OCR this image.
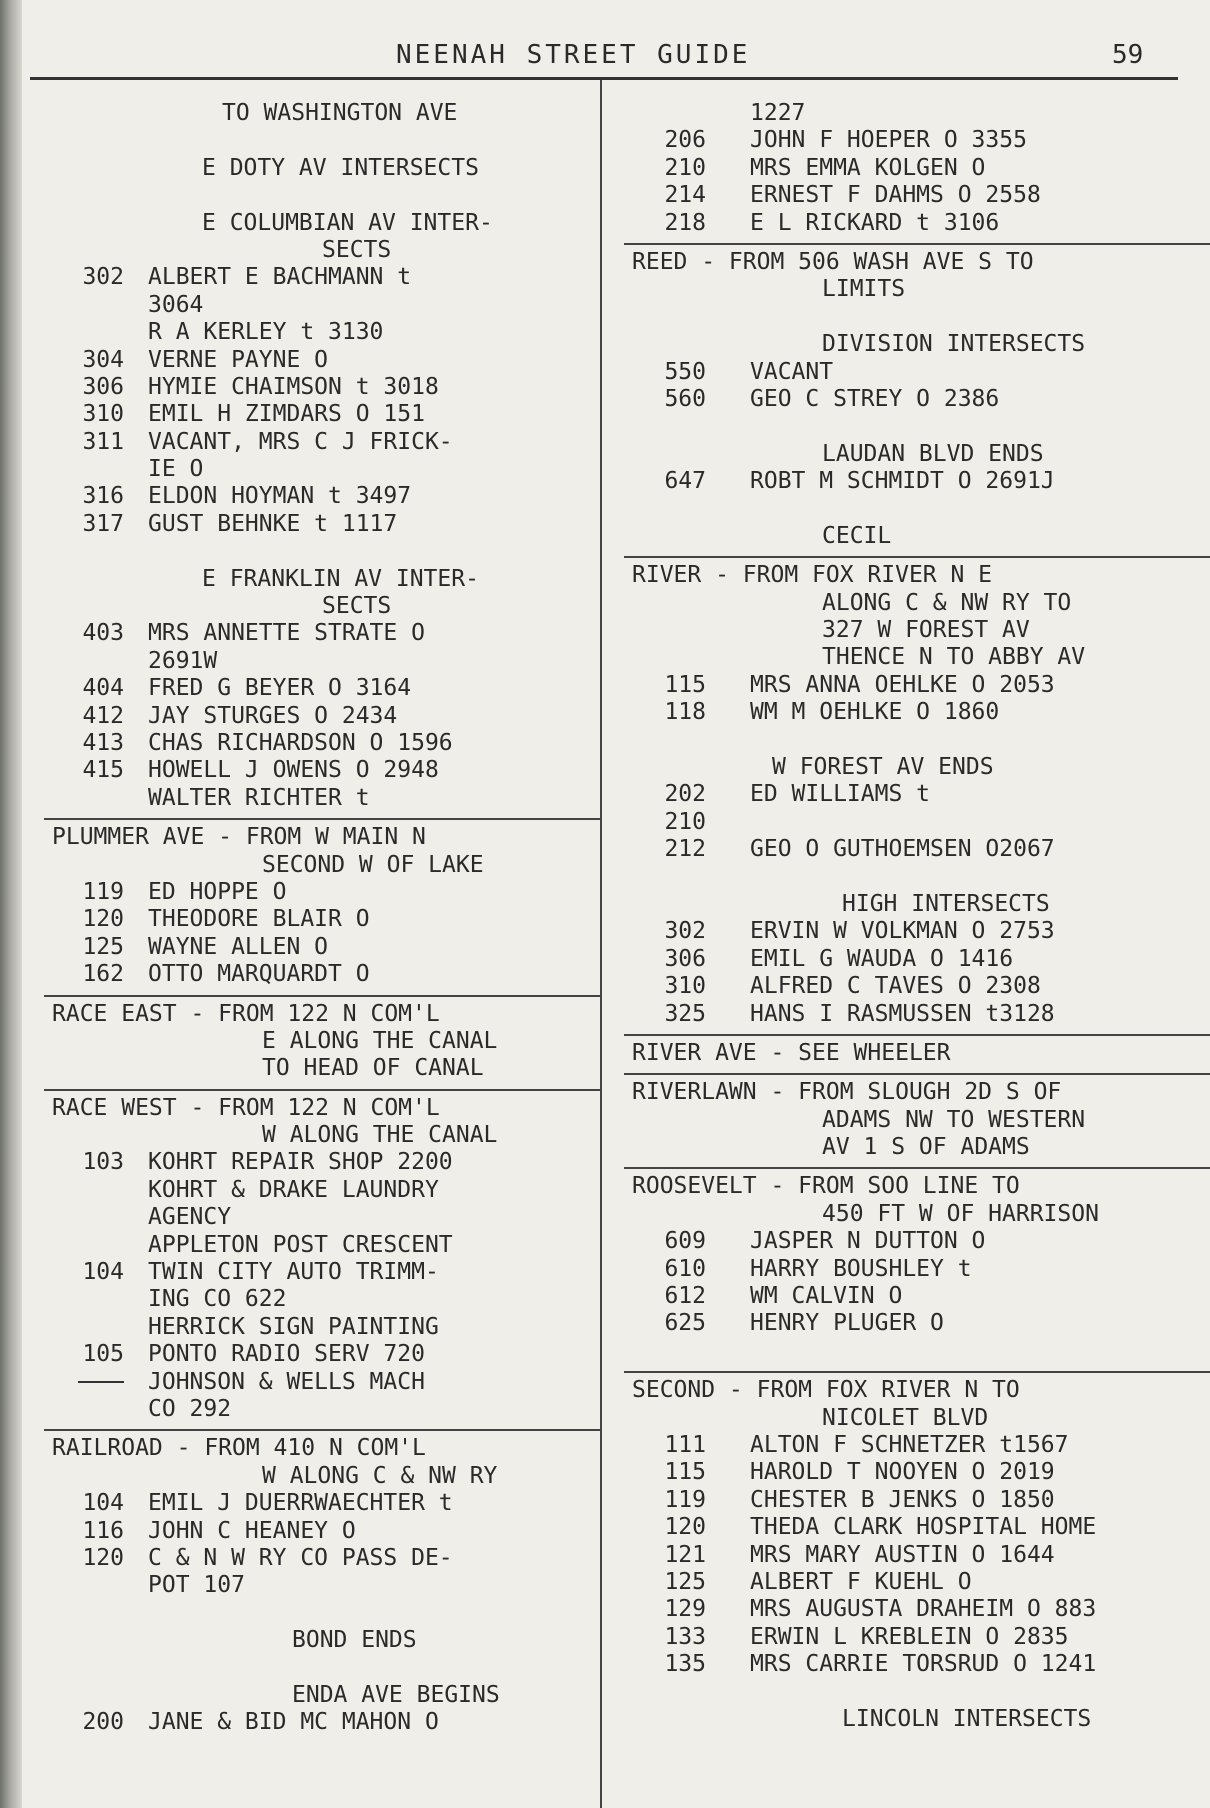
NEENAH STREET GUIDE	59
TO WASHINGTON AVE
E DOTY AV INTERSECTS
E COLUMBIAN AV INTER-
SECTS
302 ALBERT E BACHMANN t
3064
R A KERLEY t 3130
304 VERNE PAYNE O
306 HYMIE CHAIMSON t 3018
310 EMIL H ZIMDARS O 151
311 VACANT, MRS C J FRICK-
IE O
316 ELDON HOYMAN t 3497
317 GUST BEHNKE t 1117
E FRANKLIN AV INTER-
SECTS
403 MRS ANNETTE STRATE O
2691W
404 FRED G BEYER O 3164
412 JAY STURGES O 2434
413 CHAS RICHARDSON O 1596
415 HOWELL J OWENS O 2948
WALTER RICHTER t
PLUMMER AVE - FROM W MAIN N
SECOND W OF LAKE
119 ED HOPPE O
120 THEODORE BLAIR O
125 WAYNE ALLEN O
162 OTTO MARQUARDT O
RACE EAST - FROM 122 N COM'L
E ALONG THE CANAL
TO HEAD OF CANAL
RACE WEST - FROM 122 N COM'L
W ALONG THE CANAL
103 KOHRT REPAIR SHOP 2200
KOHRT & DRAKE LAUNDRY
AGENCY
APPLETON POST CRESCENT
104 TWIN CITY AUTO TRIMM-
ING CO 622
HERRICK SIGN PAINTING
105 PONTO RADIO SERV 720
JOHNSON & WELLS MACH
CO 292
RAILROAD - FROM 410 N COM'L
W ALONG C & NW RY
104 EMIL J DUERRWAECHTER t
116 JOHN C HEANEY O
120 C & N W RY CO PASS DE-
POT 107
BOND ENDS
ENDA AVE BEGINS
200 JANE & BID MC MAHON O
1227
206 JOHN F HOEPER O 3355
210 MRS EMMA KOLGEN O
214 ERNEST F DAHMS O 2558
218 E L RICKARD t 3106
REED - FROM 506 WASH AVE S TO
LIMITS
DIVISION INTERSECTS
550 VACANT
560 GEO C STREY O 2386
LAUDAN BLVD ENDS
647 ROBT M SCHMIDT O 2691J
CECIL
RIVER - FROM FOX RIVER N E
ALONG C & NW RY TO
327 W FOREST AV
THENCE N TO ABBY AV
115 MRS ANNA OEHLKE O 2053
118 WM M OEHLKE O 1860
W FOREST AV ENDS
202 ED WILLIAMS t
210
212 GEO O GUTHOEMSEN O2067
HIGH INTERSECTS
302 ERVIN W VOLKMAN O 2753
306 EMIL G WAUDA O 1416
310 ALFRED C TAVES O 2308
325 HANS I RASMUSSEN t3128
RIVER AVE - SEE WHEELER
RIVERLAWN - FROM SLOUGH 2D S OF
ADAMS NW TO WESTERN
AV 1 S OF ADAMS
ROOSEVELT - FROM SOO LINE TO
450 FT W OF HARRISON
609 JASPER N DUTTON O
610 HARRY BOUSHLEY t
612 WM CALVIN O
625 HENRY PLUGER O
SECOND - FROM FOX RIVER N TO
NICOLET BLVD
111 ALTON F SCHNETZER t1567
115 HAROLD T NOOYEN O 2019
119 CHESTER B JENKS O 1850
120 THEDA CLARK HOSPITAL HOME
121 MRS MARY AUSTIN O 1644
125 ALBERT F KUEHL O
129 MRS AUGUSTA DRAHEIM O 883
133 ERWIN L KREBLEIN O 2835
135 MRS CARRIE TORSRUD O 1241
LINCOLN INTERSECTS
